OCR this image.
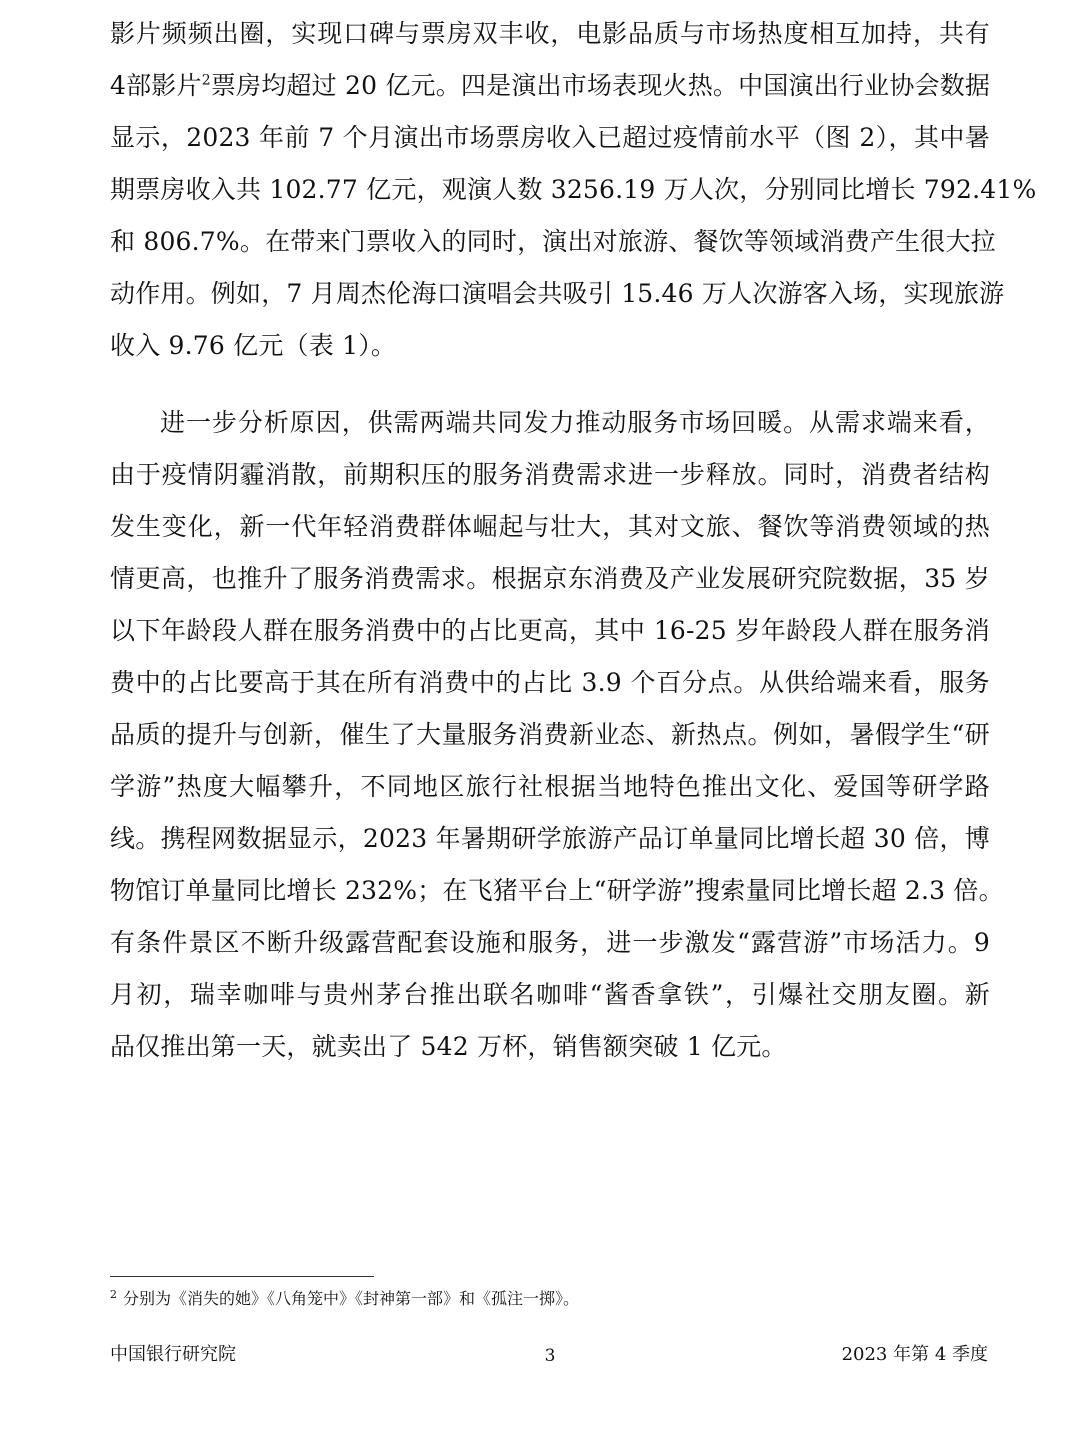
影片频频出圈，实现口碑与票房双丰收，电影品质与市场热度相互加持，共有
4部影片$^2$票房均超过 20 亿元。四是演出市场表现火热。中国演出行业协会数据
显示，2023 年前 7 个月演出市场票房收入已超过疫情前水平（图 2），其中暑
期票房收入共 102.77 亿元，观演人数 3256.19 万人次，分别同比增长 792.41%
和 806.7%。在带来门票收入的同时，演出对旅游、餐饮等领域消费产生很大拉
动作用。例如，7 月周杰伦海口演唱会共吸引 15.46 万人次游客入场，实现旅游
收入 9.76 亿元（表 1）。
进一步分析原因，供需两端共同发力推动服务市场回暖。从需求端来看，
由于疫情阴霾消散，前期积压的服务消费需求进一步释放。同时，消费者结构
发生变化，新一代年轻消费群体崛起与壮大，其对文旅、餐饮等消费领域的热
情更高，也推升了服务消费需求。根据京东消费及产业发展研究院数据，35 岁
以下年龄段人群在服务消费中的占比更高，其中 16-25 岁年龄段人群在服务消
费中的占比要高于其在所有消费中的占比 3.9 个百分点。从供给端来看，服务
品质的提升与创新，催生了大量服务消费新业态、新热点。例如，暑假学生“研
学游”热度大幅攀升，不同地区旅行社根据当地特色推出文化、爱国等研学路
线。携程网数据显示，2023 年暑期研学旅游产品订单量同比增长超 30 倍，博
物馆订单量同比增长 232%；在飞猪平台上“研学游”搜索量同比增长超 2.3 倍。
有条件景区不断升级露营配套设施和服务，进一步激发“露营游”市场活力。9
月初，瑞幸咖啡与贵州茅台推出联名咖啡“酱香拿铁”，引爆社交朋友圈。新
品仅推出第一天，就卖出了 542 万杯，销售额突破 1 亿元。
$^2$ 分别为《消失的她》《八角笼中》《封神第一部》和《孤注一掷》。
中国银行研究院	3	2023 年第 4 季度
